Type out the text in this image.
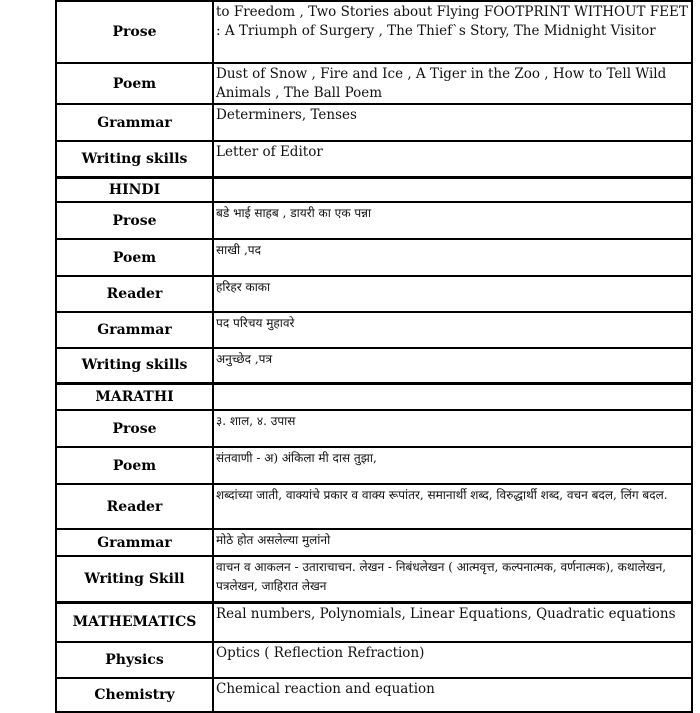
Prose	to Freedom , Two Stories about Flying FOOTPRINT WITHOUT FEET : A Triumph of Surgery , The Thief`s Story, The Midnight Visitor
Poem	Dust of Snow , Fire and Ice , A Tiger in the Zoo , How to Tell Wild Animals , The Ball Poem
Grammar	Determiners, Tenses
Writing skills	Letter of Editor
HINDI	
Prose	बडे भाई साहब , डायरी का एक पन्ना
Poem	साखी ,पद
Reader	हरिहर काका
Grammar	पद परिचय मुहावरे
Writing skills	अनुच्छेद ,पत्र
MARATHI	
Prose	३. शाल, ४. उपास
Poem	संतवाणी - अ) अंकिला मी दास तुझा,
Reader	शब्दांच्या जाती, वाक्यांचे प्रकार व वाक्य रूपांतर, समानार्थी शब्द, विरुद्धार्थी शब्द, वचन बदल, लिंग बदल.
Grammar	मोठे होत असलेल्या मुलांनो
Writing Skill	वाचन व आकलन - उताराचाचन. लेखन - निबंधलेखन ( आत्मवृत्त, कल्पनात्मक, वर्णनात्मक), कथालेखन, पत्रलेखन, जाहिरात लेखन
MATHEMATICS	Real numbers, Polynomials, Linear Equations, Quadratic equations
Physics	Optics ( Reflection Refraction)
Chemistry	Chemical reaction and equation
